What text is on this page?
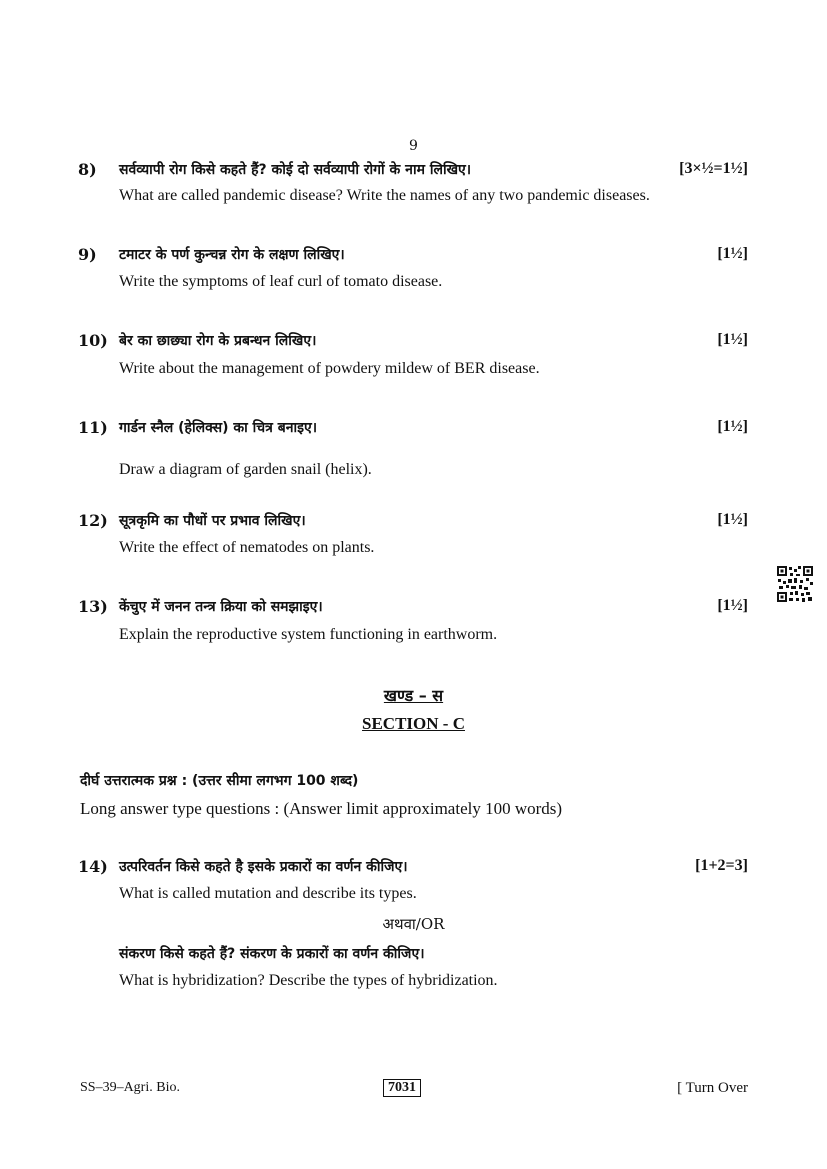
9
8) सर्वव्यापी रोग किसे कहते हैं? कोई दो सर्वव्यापी रोगों के नाम लिखिए।	[3×½=1½]
What are called pandemic disease? Write the names of any two pandemic diseases.
9) टमाटर के पर्ण कुन्चन्न रोग के लक्षण लिखिए।	[1½]
Write the symptoms of leaf curl of tomato disease.
10) बेर का छाछ्या रोग के प्रबन्धन लिखिए।	[1½]
Write about the management of powdery mildew of BER disease.
11) गार्डन स्नैल (हेलिक्स) का चित्र बनाइए।	[1½]
Draw a diagram of garden snail (helix).
12) सूत्रकृमि का पौधों पर प्रभाव लिखिए।	[1½]
Write the effect of nematodes on plants.
13) केंचुए में जनन तन्त्र क्रिया को समझाइए।	[1½]
Explain the reproductive system functioning in earthworm.
खण्ड – स
SECTION - C
दीर्घ उत्तरात्मक प्रश्न : (उत्तर सीमा लगभग 100 शब्द)
Long answer type questions : (Answer limit approximately 100 words)
14) उत्परिवर्तन किसे कहते है इसके प्रकारों का वर्णन कीजिए।	[1+2=3]
What is called mutation and describe its types.
अथवा/OR
संकरण किसे कहते हैं? संकरण के प्रकारों का वर्णन कीजिए।
What is hybridization? Describe the types of hybridization.
SS–39–Agri. Bio.	7031	[ Turn Over
